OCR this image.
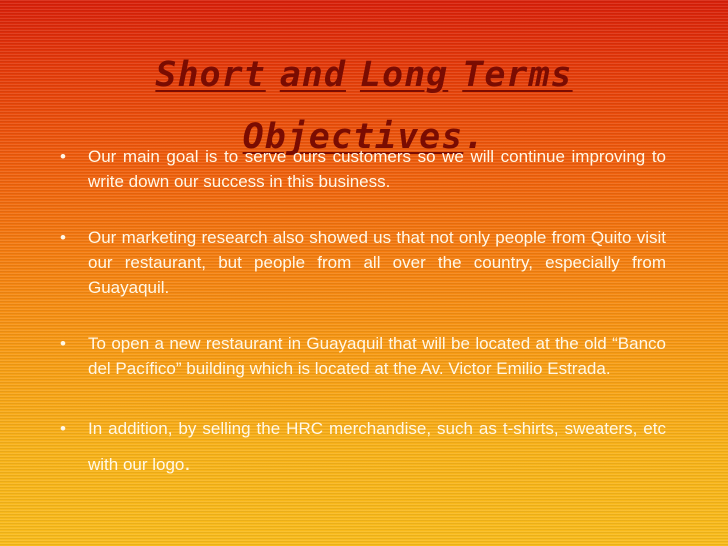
Short and Long Terms
Objectives.
• Our main goal is to serve ours customers so we will continue improving to write down our success in this business.
• Our marketing research also showed us that not only people from Quito visit our restaurant, but people from all over the country, especially from Guayaquil.
• To open a new restaurant in Guayaquil that will be located at the old “Banco del Pacífico” building which is located at the Av. Victor Emilio Estrada.
• In addition, by selling the HRC merchandise, such as t-shirts, sweaters, etc with our logo.
